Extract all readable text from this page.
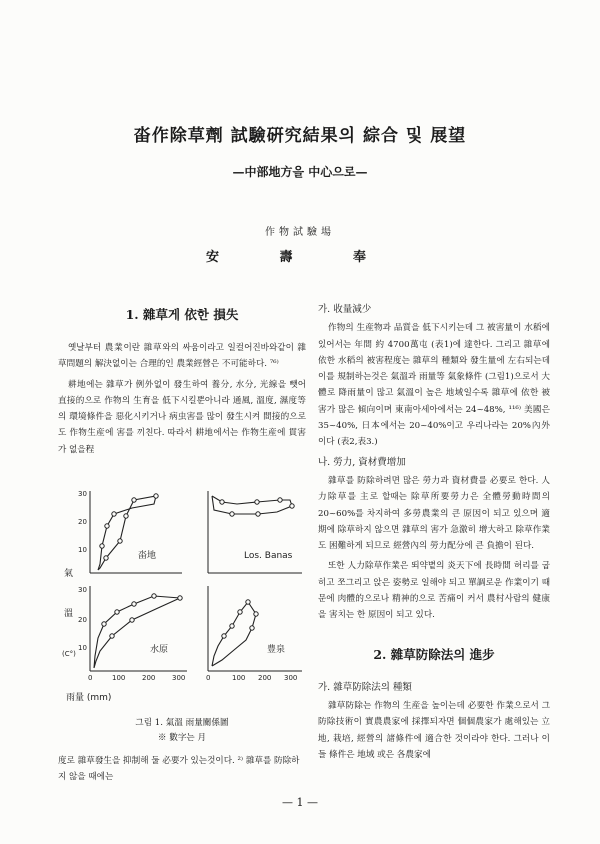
畓作除草劑 試驗硏究結果의 綜合 및 展望
—中部地方을 中心으로—
作物試驗場
安 壽 奉
1. 雜草게 依한 損失

옛날부터 農業이란 雜草와의 싸움이라고 일컬어진바와같이 雜草問題의 解決없이는 合理的인 農業經營은 不可能하다. ⁷⁶⁾

耕地에는 雜草가 例外없이 發生하여 養分, 水分, 光線을 뺏어 直接的으로 作物의 生育을 低下시킬뿐아니라 通風, 溫度, 濕度等의 環境條件을 惡化시키거나 病虫害를 많이 發生시켜 間接的으로도 作物生産에 害를 끼친다. 따라서 耕地에서는 作物生産에 貫害가 없을程

氣
溫
(C°)
30
20
10
畓地	Los. Banas
30
20
10	水原
0	100 200 300
豊泉
0	100 200 300
雨量 (mm)
그림 1. 氣溫 雨量關係圖
※ 數字는 月
度로 雜草發生을 抑制해 둘 必要가 있는것이다. ²⁾ 雜草를 防除하지 않을 때에는
가. 收量減少

作物의 生産物과 品質을 低下시키는데 그 被害量이 水稻에 있어서는 年間 約 4700萬屯 (表1)에 達한다. 그리고 雜草에 依한 水稻의 被害程度는 雜草의 種類와 發生量에 左右되는데 이를 規制하는것은 氣溫과 雨量等 氣象條件 (그림1)으로서 大體로 降雨量이 많고 氣溫이 높은 地域일수록 雜草에 依한 被害가 많은 傾向이며 東南아세아에서는 24~48%, ¹¹⁶⁾ 美國은 35~40%, 日本에서는 20~40%이고 우리나라는 20%內外이다 (表2,表3.)

나. 勞力, 資材費增加

雜草를 防除하려면 많은 勞力과 資材費를 必要로 한다. 人力除草를 主로 할때는 除草所要勞力은 全體勞動時間의 20~60%를 차지하여 多勞農業의 큰 原因이 되고 있으며 適期에 除草하지 않으면 雜草의 害가 急激히 增大하고 除草作業도 困難하게 되므로 經營內의 勞力配分에 큰 負擔이 된다.

또한 人力除草作業은 뙤약볕의 炎天下에 長時間 허리를 굽히고 쪼그리고 앉은 姿勢로 일해야 되고 單調로운 作業이기 때문에 肉體的으로나 精神的으로 苦痛이 커서 農村사람의 健康을 害치는 한 原因이 되고 있다.

2. 雜草防除法의 進步
가. 雜草防除法의 種類

雜草防除는 作物의 生産을 높이는데 必要한 作業으로서 그 防除技術이 實農農家에 採擇되자면 個個農家가 處해있는 立地, 栽培, 經營의 諸條件에 適合한 것이라야 한다. 그러나 이들 條件은 地域 或은 各農家에

— 1 —
